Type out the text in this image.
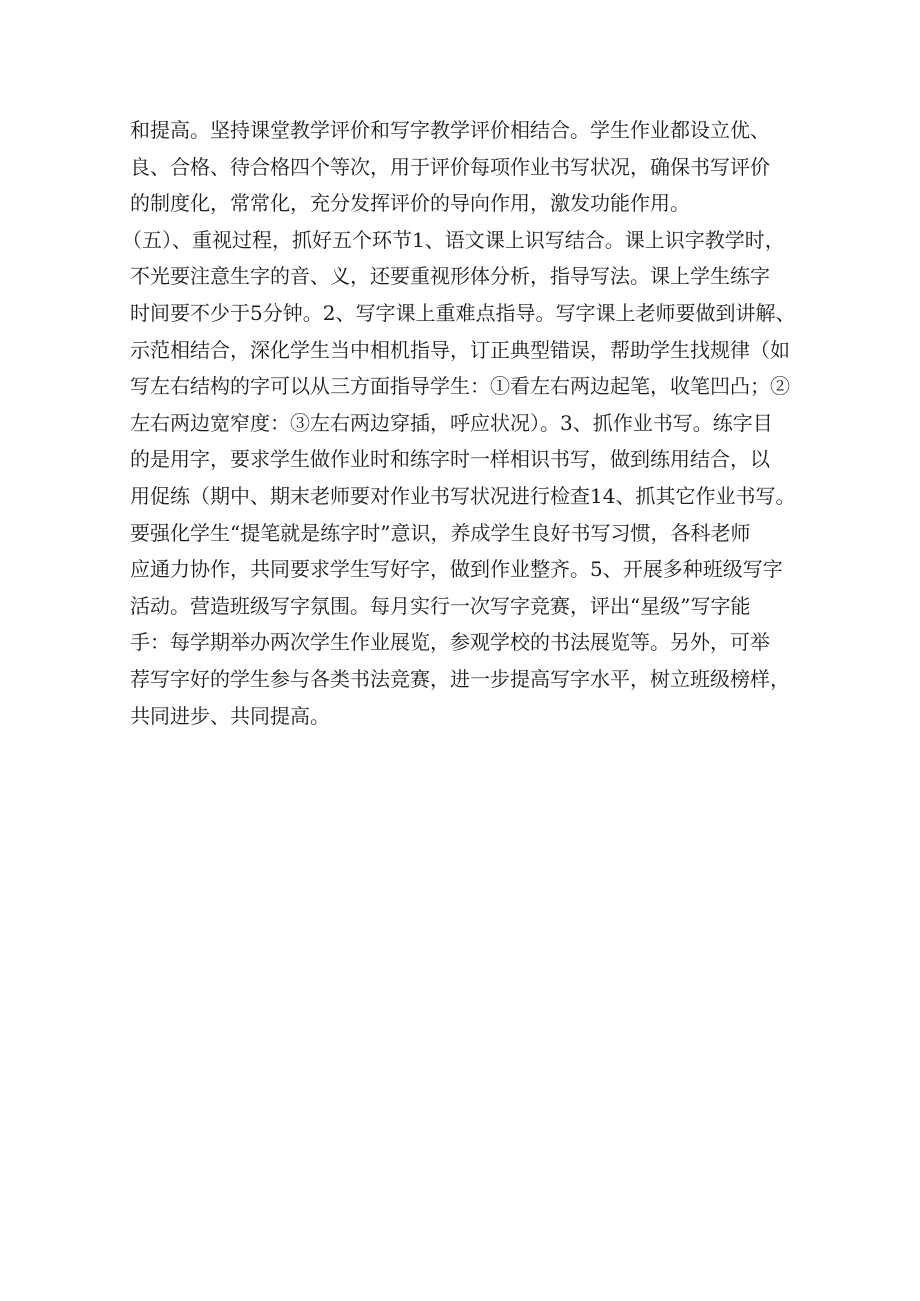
和提高。坚持课堂教学评价和写字教学评价相结合。学生作业都设立优、
良、合格、待合格四个等次，用于评价每项作业书写状况，确保书写评价
的制度化，常常化，充分发挥评价的导向作用，激发功能作用。
（五）、重视过程，抓好五个环节1、语文课上识写结合。课上识字教学时，
不光要注意生字的音、义，还要重视形体分析，指导写法。课上学生练字
时间要不少于5分钟。2、写字课上重难点指导。写字课上老师要做到讲解、
示范相结合，深化学生当中相机指导，订正典型错误，帮助学生找规律（如
写左右结构的字可以从三方面指导学生：①看左右两边起笔，收笔凹凸；②
左右两边宽窄度：③左右两边穿插，呼应状况）。3、抓作业书写。练字目
的是用字，要求学生做作业时和练字时一样相识书写，做到练用结合，以
用促练（期中、期末老师要对作业书写状况进行检查14、抓其它作业书写。
要强化学生“提笔就是练字时”意识，养成学生良好书写习惯，各科老师
应通力协作，共同要求学生写好字，做到作业整齐。5、开展多种班级写字
活动。营造班级写字氛围。每月实行一次写字竞赛，评出“星级”写字能
手：每学期举办两次学生作业展览，参观学校的书法展览等。另外，可举
荐写字好的学生参与各类书法竞赛，进一步提高写字水平，树立班级榜样，
共同进步、共同提高。
